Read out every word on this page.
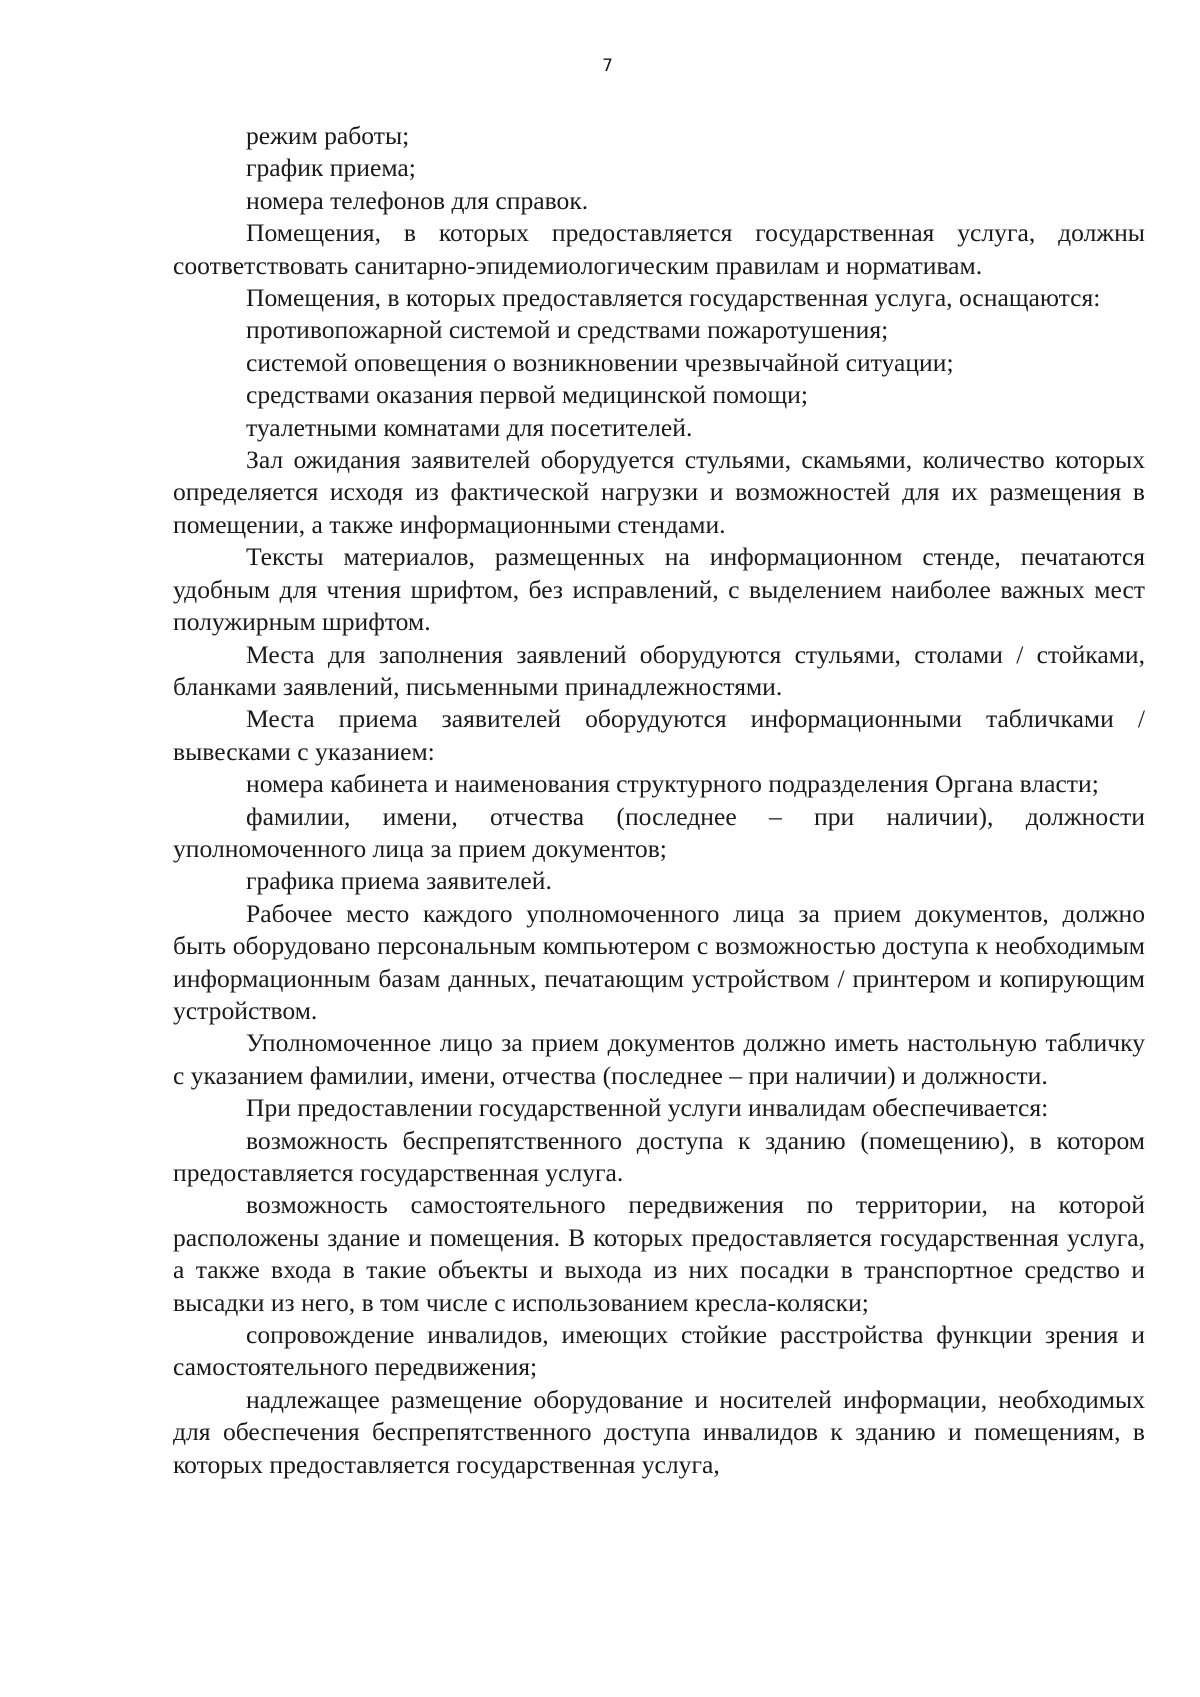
7

режим работы;

график приема;

номера телефонов для справок.

Помещения, в которых предоставляется государственная услуга, должны соответствовать санитарно-эпидемиологическим правилам и нормативам.

Помещения, в которых предоставляется государственная услуга, оснащаются:

противопожарной системой и средствами пожаротушения;

системой оповещения о возникновении чрезвычайной ситуации;

средствами оказания первой медицинской помощи;

туалетными комнатами для посетителей.

Зал ожидания заявителей оборудуется стульями, скамьями, количество которых определяется исходя из фактической нагрузки и возможностей для их размещения в помещении, а также информационными стендами.

Тексты материалов, размещенных на информационном стенде, печатаются удобным для чтения шрифтом, без исправлений, с выделением наиболее важных мест полужирным шрифтом.

Места для заполнения заявлений оборудуются стульями, столами / стойками, бланками заявлений, письменными принадлежностями.

Места приема заявителей оборудуются информационными табличками / вывесками с указанием:

номера кабинета и наименования структурного подразделения Органа власти;

фамилии, имени, отчества (последнее – при наличии), должности уполномоченного лица за прием документов;

графика приема заявителей.

Рабочее место каждого уполномоченного лица за прием документов, должно быть оборудовано персональным компьютером с возможностью доступа к необходимым информационным базам данных, печатающим устройством / принтером и копирующим устройством.

Уполномоченное лицо за прием документов должно иметь настольную табличку с указанием фамилии, имени, отчества (последнее – при наличии) и должности.

При предоставлении государственной услуги инвалидам обеспечивается:

возможность беспрепятственного доступа к зданию (помещению), в котором предоставляется государственная услуга.

возможность самостоятельного передвижения по территории, на которой расположены здание и помещения. В которых предоставляется государственная услуга, а также входа в такие объекты и выхода из них посадки в транспортное средство и высадки из него, в том числе с использованием кресла-коляски;

сопровождение инвалидов, имеющих стойкие расстройства функции зрения и самостоятельного передвижения;

надлежащее размещение оборудование и носителей информации, необходимых для обеспечения беспрепятственного доступа инвалидов к зданию и помещениям, в которых предоставляется государственная услуга,
